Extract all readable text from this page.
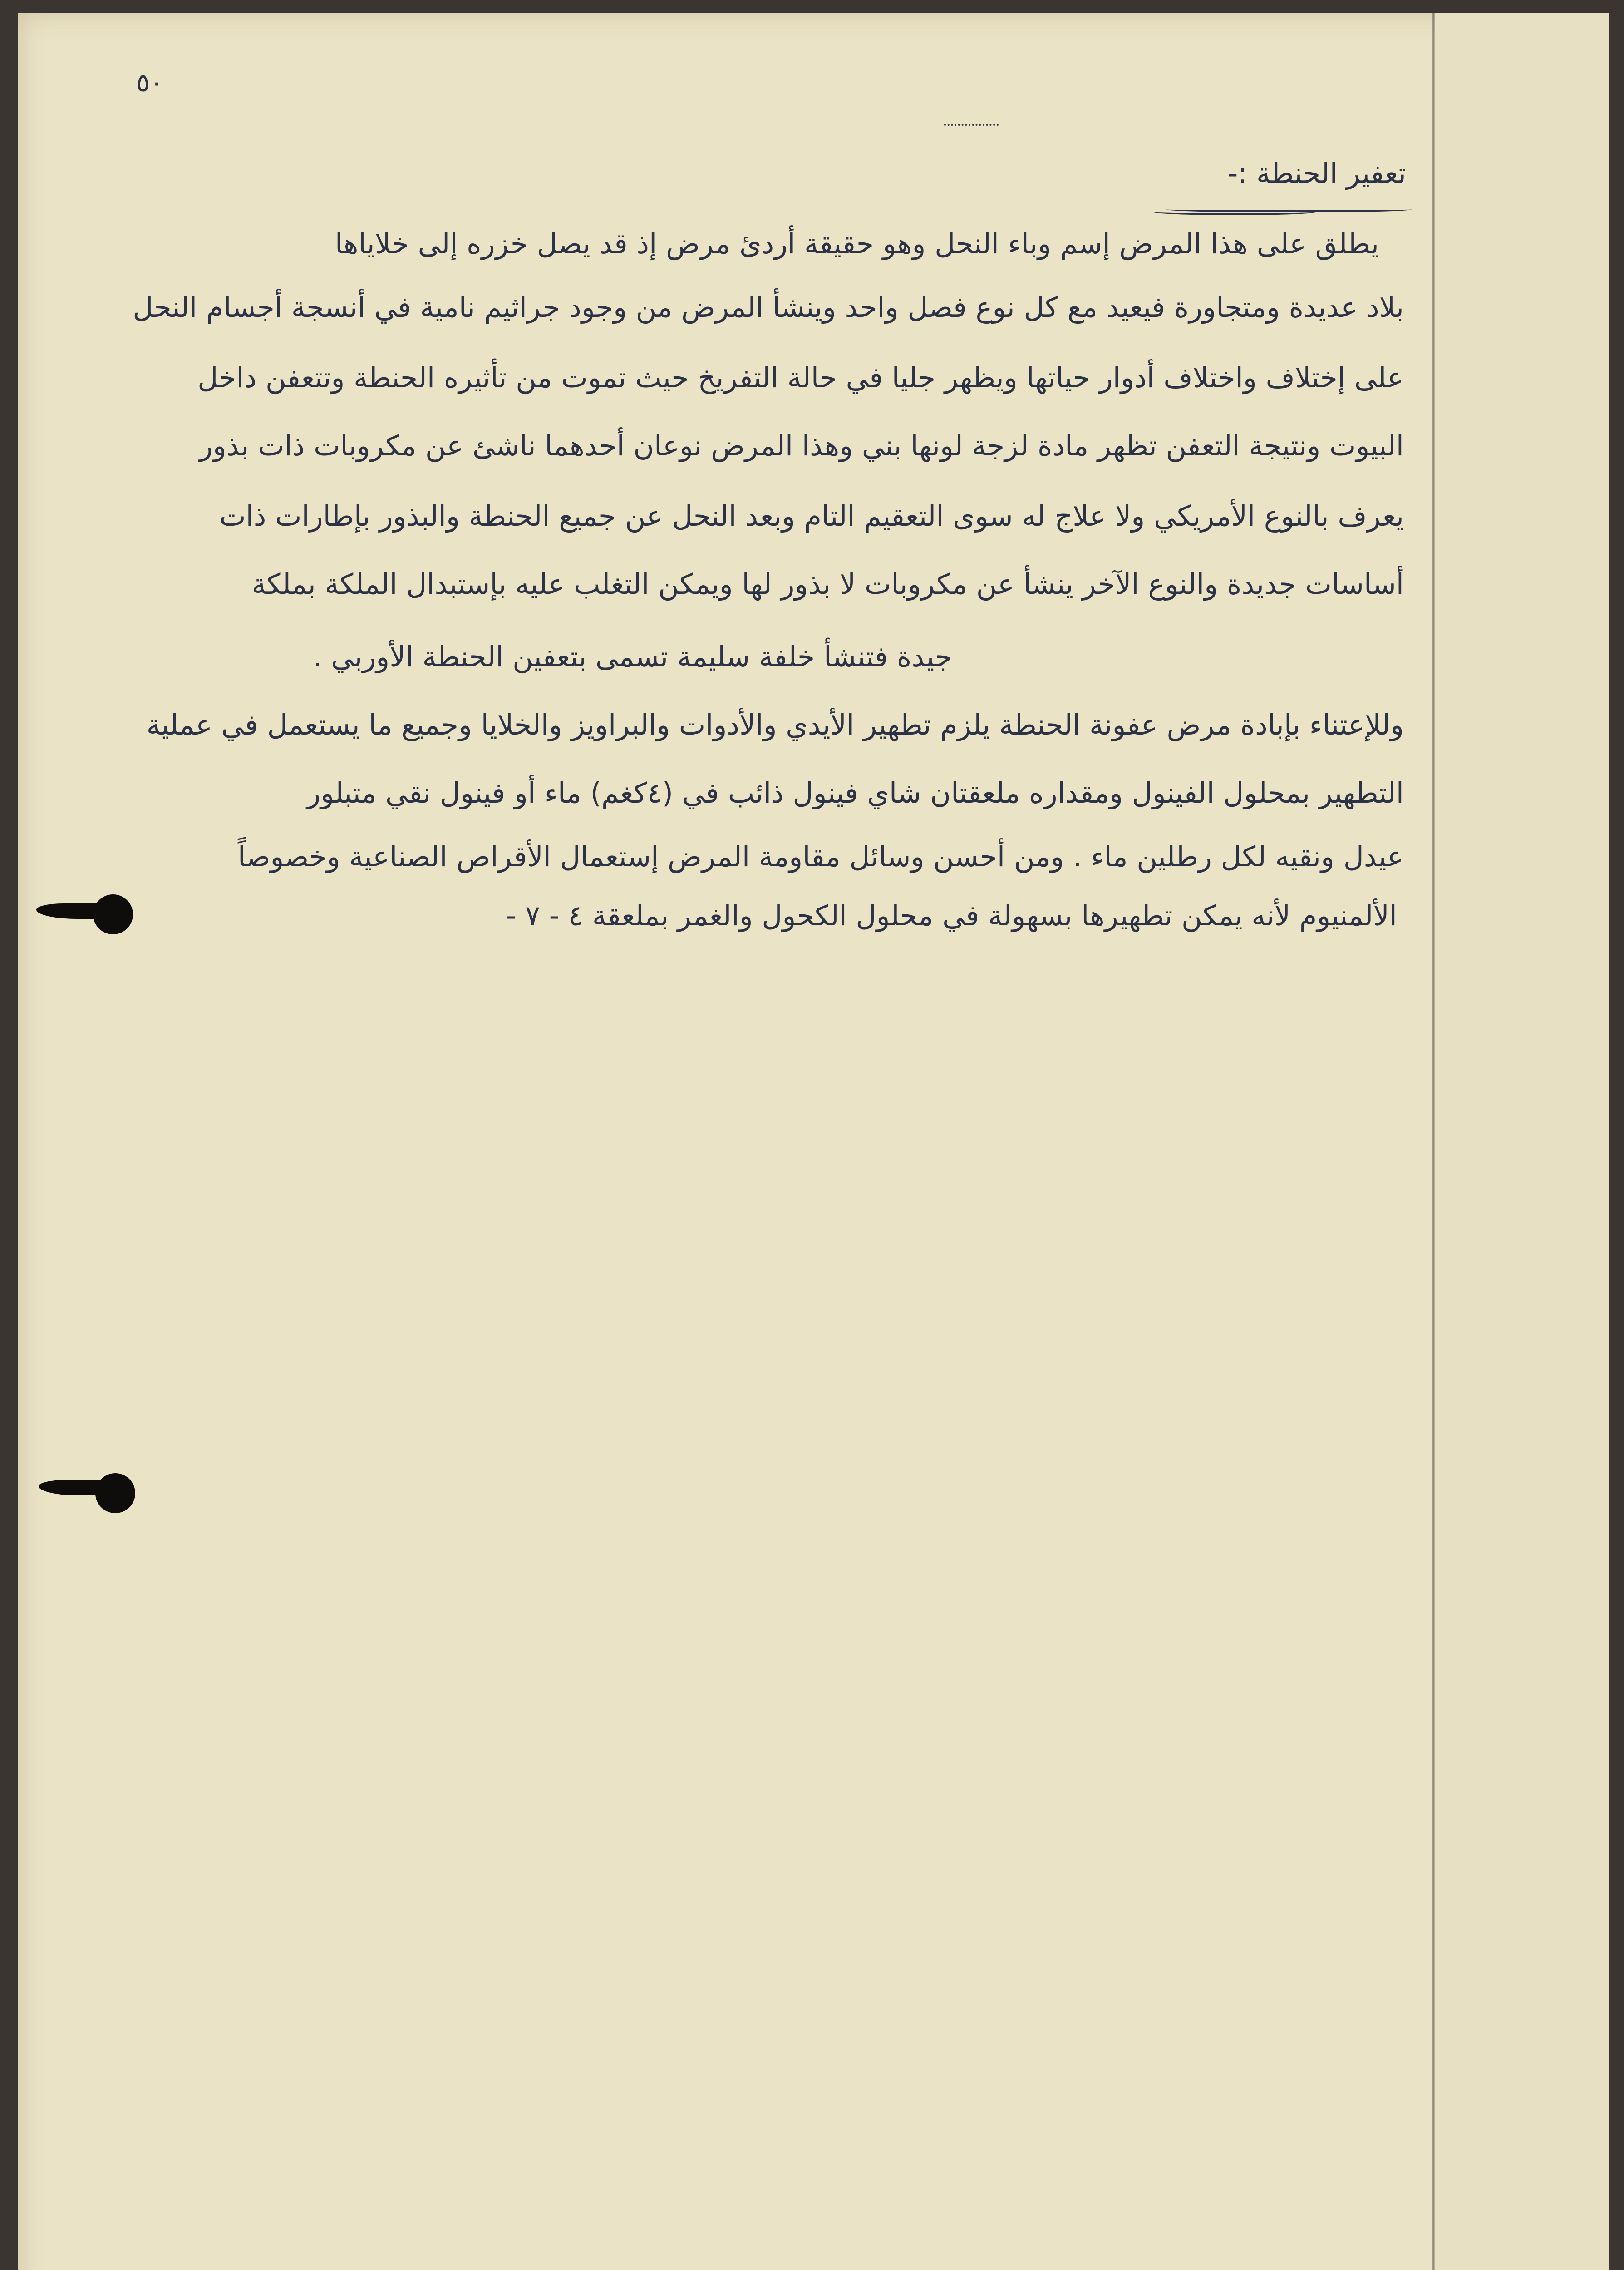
٥٠
تعفير الحنطة :-
يطلق على هذا المرض إسم وباء النحل وهو حقيقة أردئ مرض إذ قد يصل خزره إلى خلاياها
بلاد عديدة ومتجاورة فيعيد مع كل نوع فصل واحد وينشأ المرض من وجود جراثيم نامية في أنسجة أجسام النحل
على إختلاف واختلاف أدوار حياتها ويظهر جليا في حالة التفريخ حيث تموت من تأثيره الحنطة وتتعفن داخل
البيوت ونتيجة التعفن تظهر مادة لزجة لونها بني وهذا المرض نوعان أحدهما ناشئ عن مكروبات ذات بذور
يعرف بالنوع الأمريكي ولا علاج له سوى التعقيم التام وبعد النحل عن جميع الحنطة والبذور بإطارات ذات
أساسات جديدة والنوع الآخر ينشأ عن مكروبات لا بذور لها ويمكن التغلب عليه بإستبدال الملكة بملكة
جيدة فتنشأ خلفة سليمة تسمى بتعفين الحنطة الأوربي .
وللإعتناء بإبادة مرض عفونة الحنطة يلزم تطهير الأيدي والأدوات والبراويز والخلايا وجميع ما يستعمل في عملية
التطهير بمحلول الفينول ومقداره ملعقتان شاي فينول ذائب في (٤كغم) ماء أو فينول نقي متبلور
عيدل ونقيه لكل رطلين ماء . ومن أحسن وسائل مقاومة المرض إستعمال الأقراص الصناعية وخصوصاً
الألمنيوم لأنه يمكن تطهيرها بسهولة في محلول الكحول والغمر بملعقة ٤ - ٧ -
